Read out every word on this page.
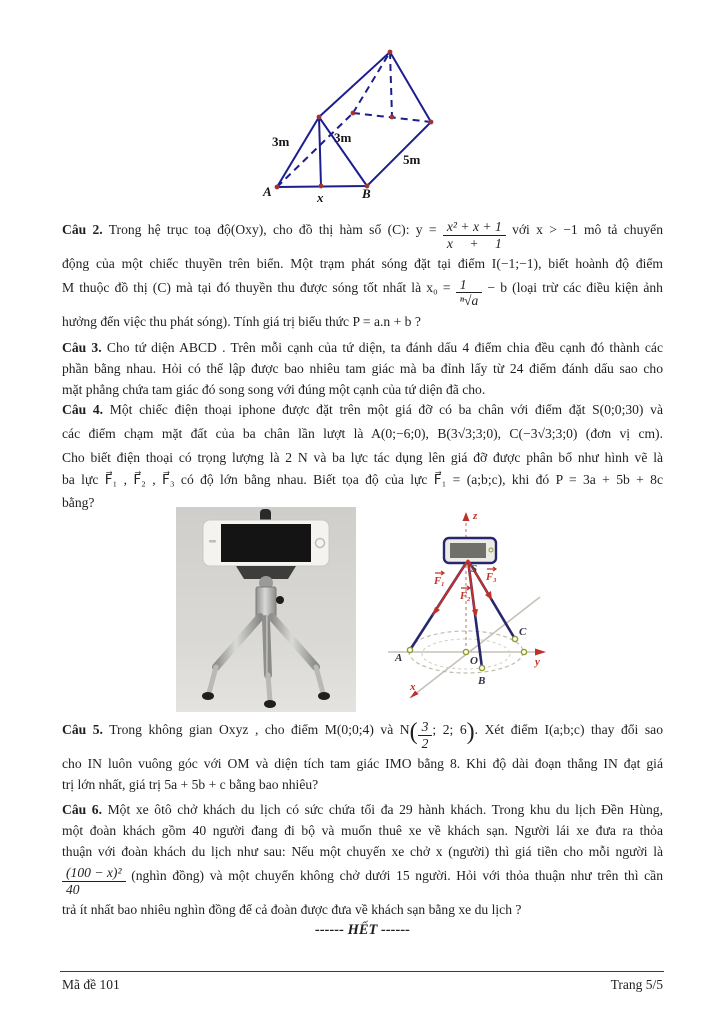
3m	3m
5m
A	x	B
Câu 2. Trong hệ trục toạ độ(Oxy), cho đồ thị hàm số (C): $y = \frac{\text{x² + x + 1}}{x + 1}$ với x > −1 mô tả chuyển
động của một chiếc thuyền trên biển. Một trạm phát sóng đặt tại điểm I(−1;−1), biết hoành độ điểm
M thuộc đồ thị (C) mà tại đó thuyền thu được sóng tốt nhất là $x_0 = \frac{1}{\text{ⁿ√a}} - b$ (loại trừ các điều kiện ảnh
hưởng đến việc thu phát sóng). Tính giá trị biểu thức P = a.n + b ?
Câu 3. Cho tứ diện ABCD . Trên mỗi cạnh của tứ diện, ta đánh dấu 4 điểm chia đều cạnh đó thành các
phần bằng nhau. Hỏi có thể lập được bao nhiêu tam giác mà ba đỉnh lấy từ 24 điểm đánh dấu sao cho
mặt phẳng chứa tam giác đó song song với đúng một cạnh của tứ diện đã cho.
Câu 4. Một chiếc điện thoại iphone được đặt trên một giá đỡ có ba chân với điểm đặt S(0;0;30) và
các điểm chạm mặt đất của ba chân lần lượt là A(0;−6;0), B(3√3;3;0), C(−3√3;3;0) (đơn vị cm).
Cho biết điện thoại có trọng lượng là 2 N và ba lực tác dụng lên giá đỡ được phân bố như hình vẽ là
ba lực F⃗₁ , F⃗₂ , F⃗₃ có độ lớn bằng nhau. Biết tọa độ của lực F⃗₁ = (a;b;c), khi đó P = 3a + 5b + 8c
bằng?
F₁
F₂
F₃
z
y
x
S
A	O
B
C
Câu 5. Trong không gian Oxyz , cho điểm M(0;0;4) và $N( \frac{3}{2}$ ; 2; 6). Xét điểm I(a;b;c) thay đổi sao
cho IN luôn vuông góc với OM và diện tích tam giác IMO bằng 8. Khi độ dài đoạn thẳng IN đạt giá
trị lớn nhất, giá trị 5a + 5b + c bằng bao nhiêu?
Câu 6. Một xe ôtô chở khách du lịch có sức chứa tối đa 29 hành khách. Trong khu du lịch Đền Hùng,
một đoàn khách gồm 40 người đang đi bộ và muốn thuê xe về khách sạn. Người lái xe đưa ra thỏa
thuận với đoàn khách du lịch như sau: Nếu một chuyến xe chở x (người) thì giá tiền cho mỗi người là
$\frac{\text{(100 − x)²}}{40}$ (nghìn đồng) và một chuyến không chở dưới 15 người. Hỏi với thỏa thuận như trên thì cần
trả ít nhất bao nhiêu nghìn đồng để cả đoàn được đưa về khách sạn bằng xe du lịch ?
------ HẾT ------
Trang 5/5
Mã đề 101
